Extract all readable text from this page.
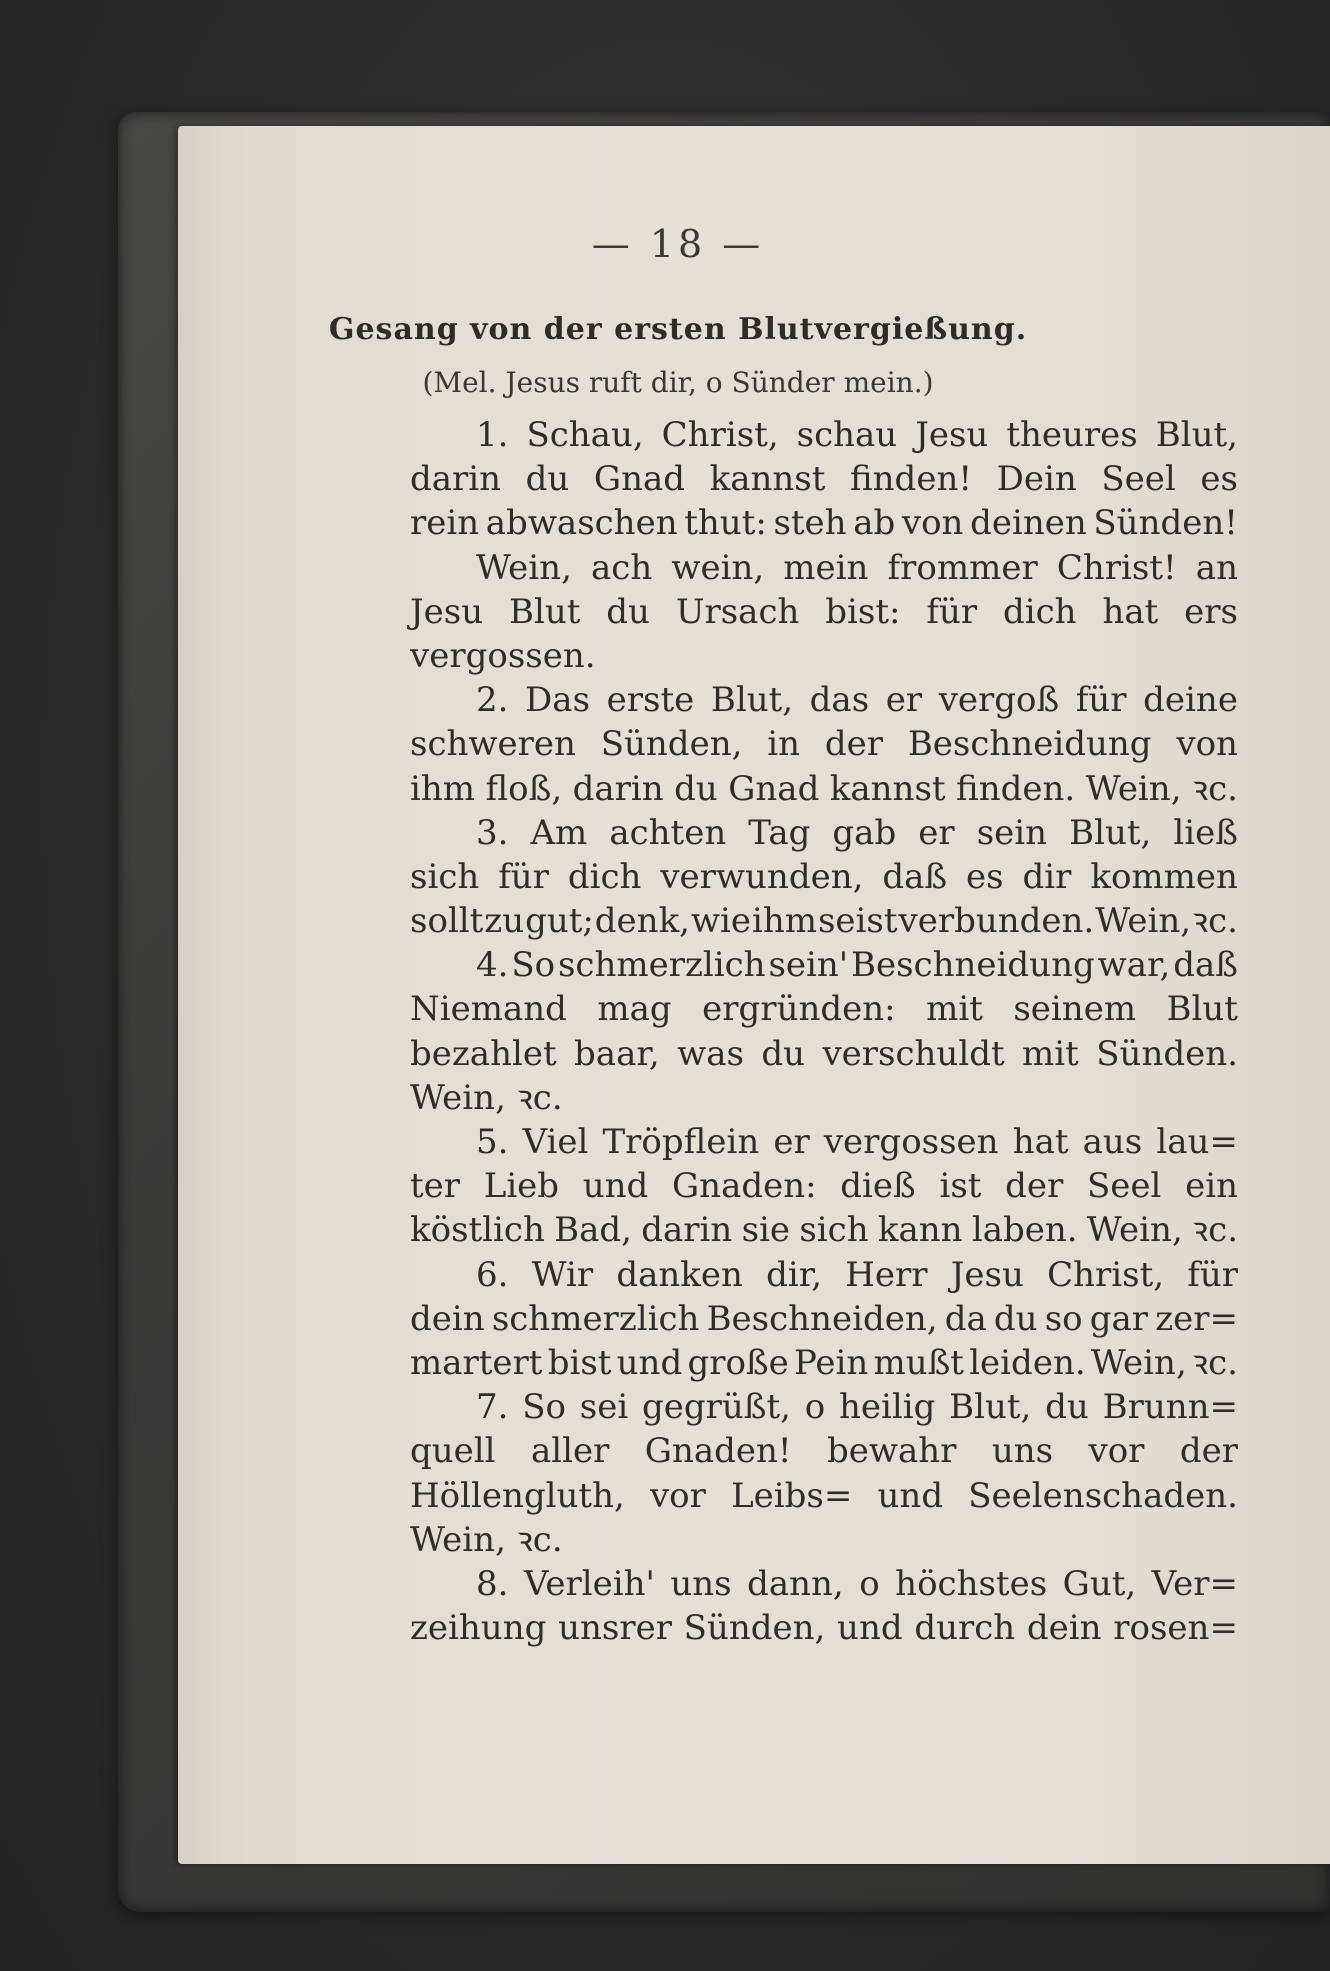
— 18 —
Gesang von der ersten Blutvergießung.
(Mel. Jesus ruft dir, o Sünder mein.)
1. Schau, Christ, schau Jesu theures Blut,
darin du Gnad kannst finden! Dein Seel es
rein abwaschen thut: steh ab von deinen Sünden!
Wein, ach wein, mein frommer Christ! an
Jesu Blut du Ursach bist: für dich hat ers
vergossen.
2. Das erste Blut, das er vergoß für deine
schweren Sünden, in der Beschneidung von
ihm floß, darin du Gnad kannst finden. Wein, ꝛc.
3. Am achten Tag gab er sein Blut, ließ
sich für dich verwunden, daß es dir kommen
sollt zu gut; denk, wie ihm seist verbunden. Wein, ꝛc.
4. So schmerzlich sein' Beschneidung war, daß
Niemand mag ergründen: mit seinem Blut
bezahlet baar, was du verschuldt mit Sünden.
Wein, ꝛc.
5. Viel Tröpflein er vergossen hat aus lau=
ter Lieb und Gnaden: dieß ist der Seel ein
köstlich Bad, darin sie sich kann laben. Wein, ꝛc.
6. Wir danken dir, Herr Jesu Christ, für
dein schmerzlich Beschneiden, da du so gar zer=
martert bist und große Pein mußt leiden. Wein, ꝛc.
7. So sei gegrüßt, o heilig Blut, du Brunn=
quell aller Gnaden! bewahr uns vor der
Höllengluth, vor Leibs= und Seelenschaden.
Wein, ꝛc.
8. Verleih' uns dann, o höchstes Gut, Ver=
zeihung unsrer Sünden, und durch dein rosen=
